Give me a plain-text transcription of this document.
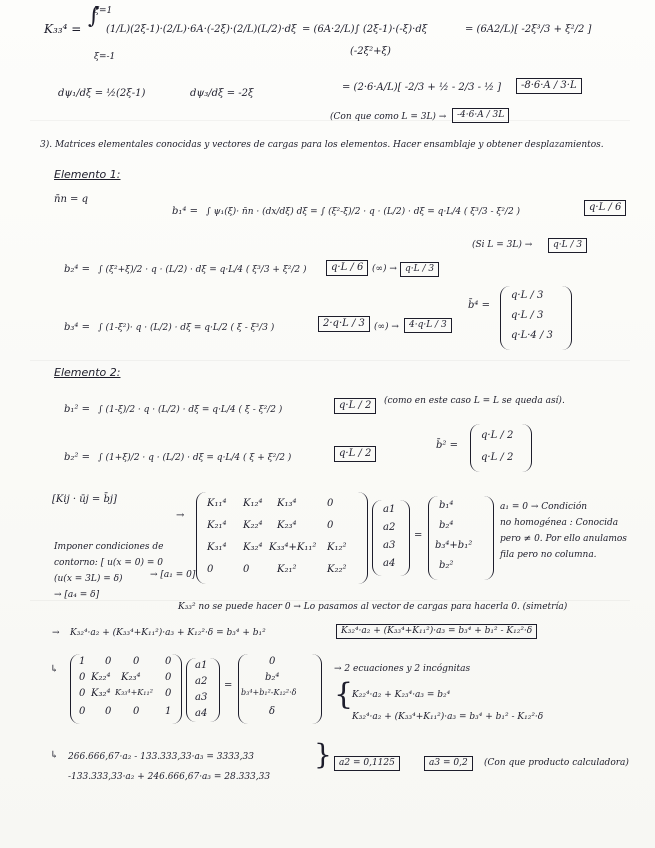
K₃₃⁴ = ∫
ξ=1
ξ=-1
(1/L)(2ξ-1)·(2/L)·6A·(-2ξ)·(2/L)(L/2)·dξ = (6A·2/L)∫ (2ξ-1)·(-ξ)·dξ
(-2ξ²+ξ)
= (6A2/L)[ -2ξ³/3 + ξ²/2 ]
dψ₁/dξ = ½(2ξ-1)	dψ₃/dξ = -2ξ
= (2·6·A/L)[ -2/3 + ½ - 2/3 - ½ ]	-8·6·A / 3·L
(Con que como L = 3L) →	-4·6·A / 3L
3). Matrices elementales conocidas y vectores de cargas para los elementos. Hacer ensamblaje y obtener desplazamientos.
Elemento 1:
n̄n = q
b₁⁴ = ∫ ψ₁(ξ)· n̄n · (dx/dξ) dξ = ∫ (ξ²-ξ)/2 · q · (L/2) · dξ = q·L/4 ( ξ³/3 - ξ²/2 )	q·L / 6
(Si L = 3L) →	q·L / 3
b₂⁴ = ∫ (ξ²+ξ)/2 · q · (L/2) · dξ = q·L/4 ( ξ³/3 + ξ²/2 )	q·L / 6 (∞) → q·L / 3
b₃⁴ = ∫ (1-ξ²)· q · (L/2) · dξ = q·L/2 ( ξ - ξ³/3 )	2·q·L / 3	(∞) →	4·q·L / 3
b̄⁴ =
q·L / 3
q·L / 3
q·L·4 / 3
Elemento 2:
b₁² = ∫ (1-ξ)/2 · q · (L/2) · dξ = q·L/4 ( ξ - ξ²/2 )	q·L / 2	(como en este caso L = L se queda así).
b₂² = ∫ (1+ξ)/2 · q · (L/2) · dξ = q·L/4 ( ξ + ξ²/2 )	q·L / 2
b̄² =
q·L / 2
q·L / 2
[Kij · ūj = b̄j]
→
K₁₁⁴ K₁₂⁴ K₁₃⁴	0
K₂₁⁴ K₂₂⁴ K₂₃⁴	0
K₃₁⁴ K₃₂⁴ K₃₃⁴+K₁₁² K₁₂²
0	0	K₂₁²	K₂₂²
a1
a2
a3
a4
=
b₁⁴
b₂⁴
b₃⁴+b₁²
b₂²
a₁ = 0 → Condición
no homogénea : Conocida
pero ≠ 0. Por ello anulamos
fila pero no columna.
Imponer condiciones de
contorno: [ u(x = 0) = 0
(u(x = 3L) = δ)
→ [a₄ = δ]
→ [a₁ = 0]
K₃₃² no se puede hacer 0 → Lo pasamos al vector de cargas para hacerla 0. (simetría)
→ K₃₂⁴·a₂ + (K₃₃⁴+K₁₁²)·a₃ + K₁₂²·δ = b₃⁴ + b₁²	K₃₂⁴·a₂ + (K₃₃⁴+K₁₁²)·a₃ = b₃⁴ + b₁² - K₁₂²·δ
↳
1 0 0	0
0 K₂₂⁴ K₂₃⁴ 0
0 K₃₂⁴ K₃₃⁴+K₁₁² 0
0 0 0	1
a1
a2
a3
a4
=
0
b₂⁴
b₃⁴+b₁²-K₁₂²·δ
δ
→ 2 ecuaciones y 2 incógnitas
K₂₂⁴·a₂ + K₂₃⁴·a₃ = b₂⁴
K₃₂⁴·a₂ + (K₃₃⁴+K₁₁²)·a₃ = b₃⁴ + b₁² - K₁₂²·δ
{
↳ 266.666,67·a₂ - 133.333,33·a₃ = 3333,33
-133.333,33·a₂ + 246.666,67·a₃ = 28.333,33
} a2 = 0,1125	a3 = 0,2	(Con que producto calculadora)
